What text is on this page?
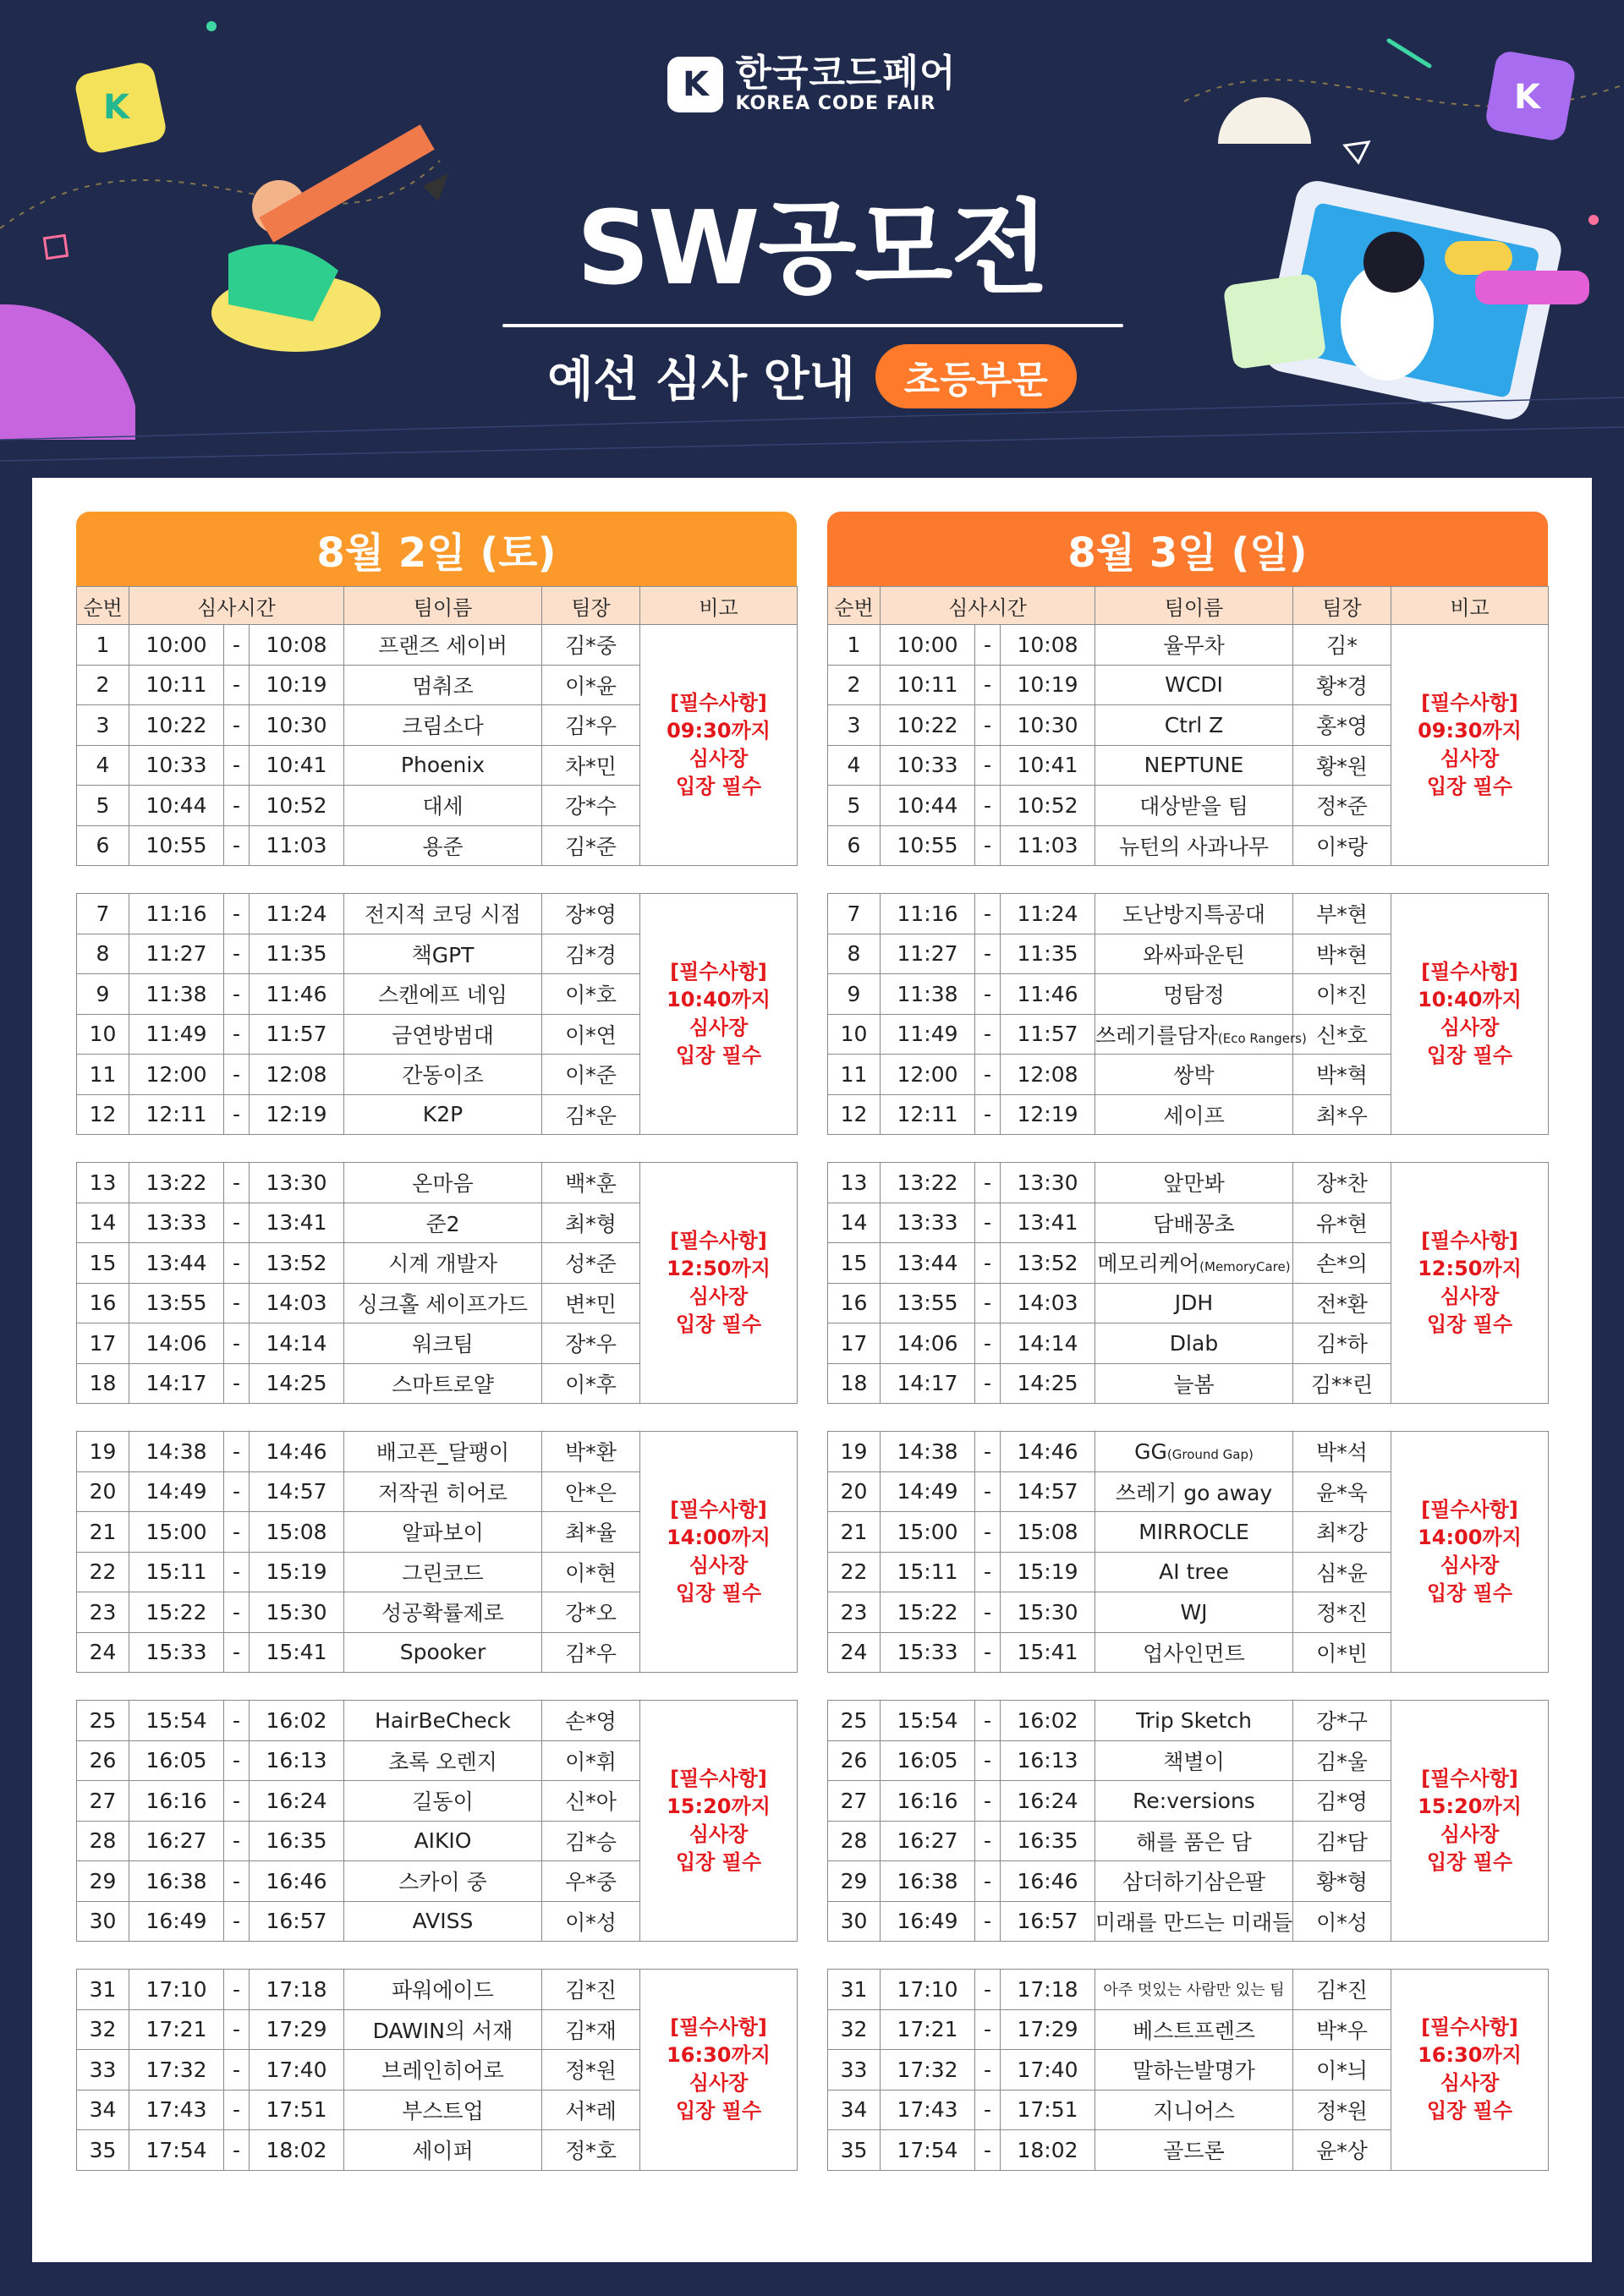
K	K
K 한국코드페어
KOREA CODE FAIR
SW공모전
예선 심사 안내	초등부문
8월 2일 (토)
순번	심사시간			팀이름	팀장	비고
1	10:00	-	10:08	프랜즈 세이버	김*중	[필수사항]
09:30까지
심사장
입장 필수

2	10:11	-	10:19	멈춰조	이*윤	
3	10:22	-	10:30	크림소다	김*우	
4	10:33	-	10:41	Phoenix	차*민	
5	10:44	-	10:52	대세	강*수	
6	10:55	-	11:03	용준	김*준	

7	11:16	-	11:24	전지적 코딩 시점	장*영	[필수사항]
10:40까지
심사장
입장 필수

8	11:27	-	11:35	책GPT	김*경	
9	11:38	-	11:46	스캔에프 네임	이*호	
10	11:49	-	11:57	금연방범대	이*연	
11	12:00	-	12:08	간동이조	이*준	
12	12:11	-	12:19	K2P	김*운	

13	13:22	-	13:30	온마음	백*훈	[필수사항]
12:50까지
심사장
입장 필수

14	13:33	-	13:41	준2	최*형	
15	13:44	-	13:52	시계 개발자	성*준	
16	13:55	-	14:03	싱크홀 세이프가드	변*민	
17	14:06	-	14:14	워크팀	장*우	
18	14:17	-	14:25	스마트로얄	이*후	

19	14:38	-	14:46	배고픈_달팽이	박*환	[필수사항]
14:00까지
심사장
입장 필수

20	14:49	-	14:57	저작권 히어로	안*은	
21	15:00	-	15:08	알파보이	최*율	
22	15:11	-	15:19	그린코드	이*현	
23	15:22	-	15:30	성공확률제로	강*오	
24	15:33	-	15:41	Spooker	김*우	

25	15:54	-	16:02	HairBeCheck	손*영	[필수사항]
15:20까지
심사장
입장 필수

26	16:05	-	16:13	초록 오렌지	이*휘	
27	16:16	-	16:24	길동이	신*아	
28	16:27	-	16:35	AIKIO	김*승	
29	16:38	-	16:46	스카이 중	우*중	
30	16:49	-	16:57	AVISS	이*성	

31	17:10	-	17:18	파워에이드	김*진	[필수사항]
16:30까지
심사장
입장 필수

32	17:21	-	17:29	DAWIN의 서재	김*재	
33	17:32	-	17:40	브레인히어로	정*원	
34	17:43	-	17:51	부스트업	서*레	
35	17:54	-	18:02	세이퍼	정*호	
8월 3일 (일)
순번	심사시간			팀이름	팀장	비고
1	10:00	-	10:08	율무차	김*	[필수사항]
09:30까지
심사장
입장 필수

2	10:11	-	10:19	WCDI	황*경	
3	10:22	-	10:30	Ctrl Z	홍*영	
4	10:33	-	10:41	NEPTUNE	황*원	
5	10:44	-	10:52	대상받을 팀	정*준	
6	10:55	-	11:03	뉴턴의 사과나무	이*랑	

7	11:16	-	11:24	도난방지특공대	부*현	[필수사항]
10:40까지
심사장
입장 필수

8	11:27	-	11:35	와싸파운틴	박*현	
9	11:38	-	11:46	멍탐정	이*진	
10	11:49	-	11:57	쓰레기를담자(Eco Rangers)	신*호	
11	12:00	-	12:08	쌍박	박*혁	
12	12:11	-	12:19	세이프	최*우	

13	13:22	-	13:30	앞만봐	장*찬	[필수사항]
12:50까지
심사장
입장 필수

14	13:33	-	13:41	담배꽁초	유*현	
15	13:44	-	13:52	메모리케어(MemoryCare)	손*의	
16	13:55	-	14:03	JDH	전*환	
17	14:06	-	14:14	Dlab	김*하	
18	14:17	-	14:25	늘봄	김**린	

19	14:38	-	14:46	GG(Ground Gap)	박*석	[필수사항]
14:00까지
심사장
입장 필수

20	14:49	-	14:57	쓰레기 go away	윤*욱	
21	15:00	-	15:08	MIRROCLE	최*강	
22	15:11	-	15:19	AI tree	심*윤	
23	15:22	-	15:30	WJ	정*진	
24	15:33	-	15:41	업사인먼트	이*빈	

25	15:54	-	16:02	Trip Sketch	강*구	[필수사항]
15:20까지
심사장
입장 필수

26	16:05	-	16:13	책별이	김*울	
27	16:16	-	16:24	Re:versions	김*영	
28	16:27	-	16:35	해를 품은 담	김*담	
29	16:38	-	16:46	삼더하기삼은팔	황*형	
30	16:49	-	16:57	미래를 만드는 미래들	이*성	

31	17:10	-	17:18	아주 멋있는 사람만 있는 팀	김*진	[필수사항]
16:30까지
심사장
입장 필수

32	17:21	-	17:29	베스트프렌즈	박*우	
33	17:32	-	17:40	말하는발명가	이*늬	
34	17:43	-	17:51	지니어스	정*원	
35	17:54	-	18:02	골드론	윤*상	
